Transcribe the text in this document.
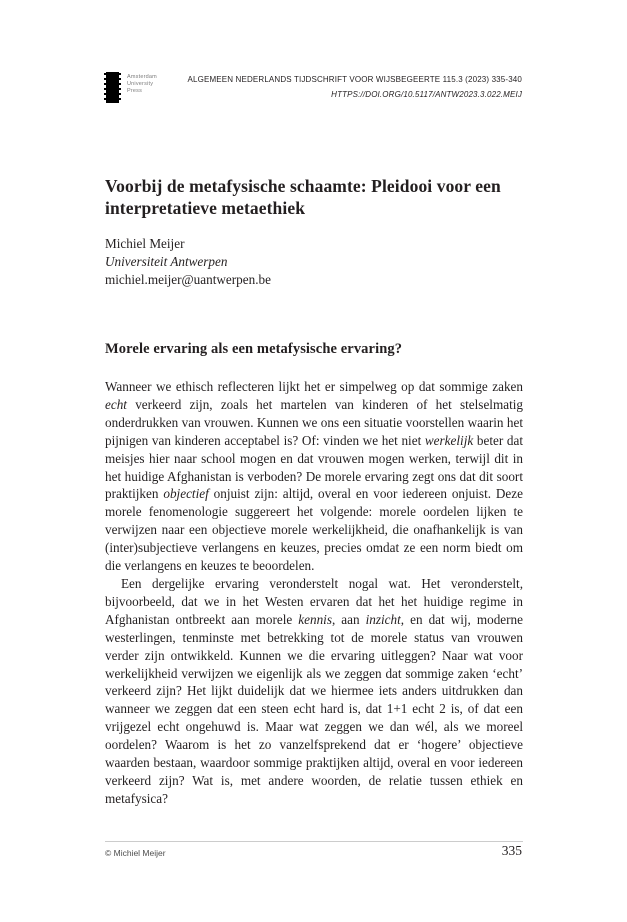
Amsterdam
University
Press
ALGEMEEN NEDERLANDS TIJDSCHRIFT VOOR WIJSBEGEERTE 115.3 (2023) 335-340
HTTPS://DOI.ORG/10.5117/ANTW2023.3.022.MEIJ
Voorbij de metafysische schaamte: Pleidooi voor een interpretatieve metaethiek
Michiel Meijer
Universiteit Antwerpen
michiel.meijer@uantwerpen.be
Morele ervaring als een metafysische ervaring?

Wanneer we ethisch reflecteren lijkt het er simpelweg op dat sommige zaken echt verkeerd zijn, zoals het martelen van kinderen of het stelselmatig onderdrukken van vrouwen. Kunnen we ons een situatie voorstellen waarin het pijnigen van kinderen acceptabel is? Of: vinden we het niet werkelijk beter dat meisjes hier naar school mogen en dat vrouwen mogen werken, terwijl dit in het huidige Afghanistan is verboden? De morele ervaring zegt ons dat dit soort praktijken objectief onjuist zijn: altijd, overal en voor iedereen onjuist. Deze morele fenomenologie suggereert het volgende: morele oordelen lijken te verwijzen naar een objectieve morele werkelijkheid, die onafhankelijk is van (inter)subjectieve verlangens en keuzes, precies omdat ze een norm biedt om die verlangens en keuzes te beoordelen.

Een dergelijke ervaring veronderstelt nogal wat. Het veronderstelt, bijvoorbeeld, dat we in het Westen ervaren dat het het huidige regime in Afghanistan ontbreekt aan morele kennis, aan inzicht, en dat wij, moderne westerlingen, tenminste met betrekking tot de morele status van vrouwen verder zijn ontwikkeld. Kunnen we die ervaring uitleggen? Naar wat voor werkelijkheid verwijzen we eigenlijk als we zeggen dat sommige zaken ‘echt’ verkeerd zijn? Het lijkt duidelijk dat we hiermee iets anders uitdrukken dan wanneer we zeggen dat een steen echt hard is, dat 1+1 echt 2 is, of dat een vrijgezel echt ongehuwd is. Maar wat zeggen we dan wél, als we moreel oordelen? Waarom is het zo vanzelfsprekend dat er ‘hogere’ objectieve waarden bestaan, waardoor sommige praktijken altijd, overal en voor iedereen verkeerd zijn? Wat is, met andere woorden, de relatie tussen ethiek en metafysica?

© Michiel Meijer	335
